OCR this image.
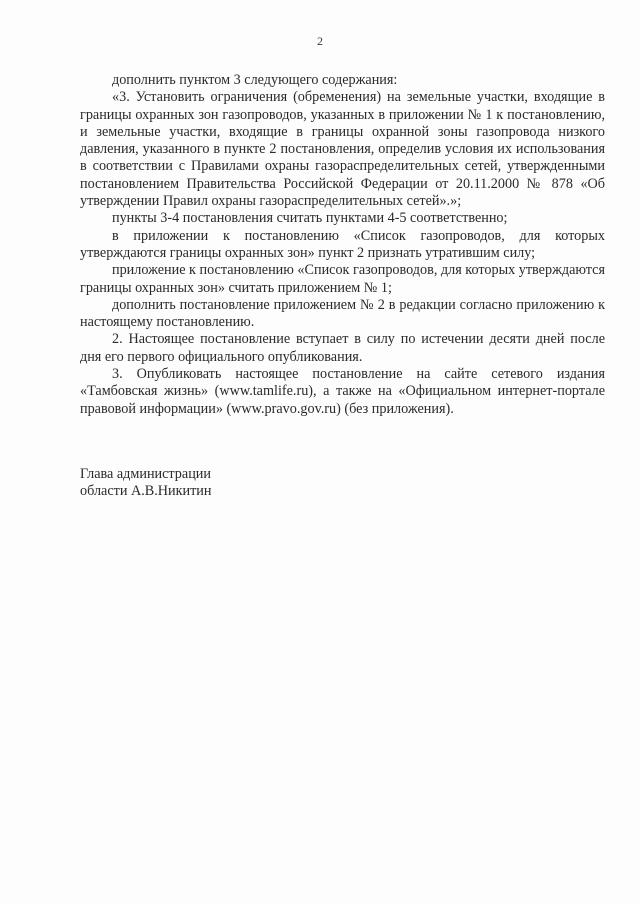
2

дополнить пунктом 3 следующего содержания:

«3. Установить ограничения (обременения) на земельные участки, входящие в границы охранных зон газопроводов, указанных в приложении № 1 к постановлению, и земельные участки, входящие в границы охранной зоны газопровода низкого давления, указанного в пункте 2 постановления, определив условия их использования в соответствии с Правилами охраны газораспределительных сетей, утвержденными постановлением Правительства Российской Федерации от 20.11.2000 № 878 «Об утверждении Правил охраны газораспределительных сетей».»;

пункты 3-4 постановления считать пунктами 4-5 соответственно;

в приложении к постановлению «Список газопроводов, для которых утверждаются границы охранных зон» пункт 2 признать утратившим силу;

приложение к постановлению «Список газопроводов, для которых утверждаются границы охранных зон» считать приложением № 1;

дополнить постановление приложением № 2 в редакции согласно приложению к настоящему постановлению.

2. Настоящее постановление вступает в силу по истечении десяти дней после дня его первого официального опубликования.

3. Опубликовать настоящее постановление на сайте сетевого издания «Тамбовская жизнь» (www.tamlife.ru), а также на «Официальном интернет-портале правовой информации» (www.pravo.gov.ru) (без приложения).

Глава администрации
области А.В.Никитин
